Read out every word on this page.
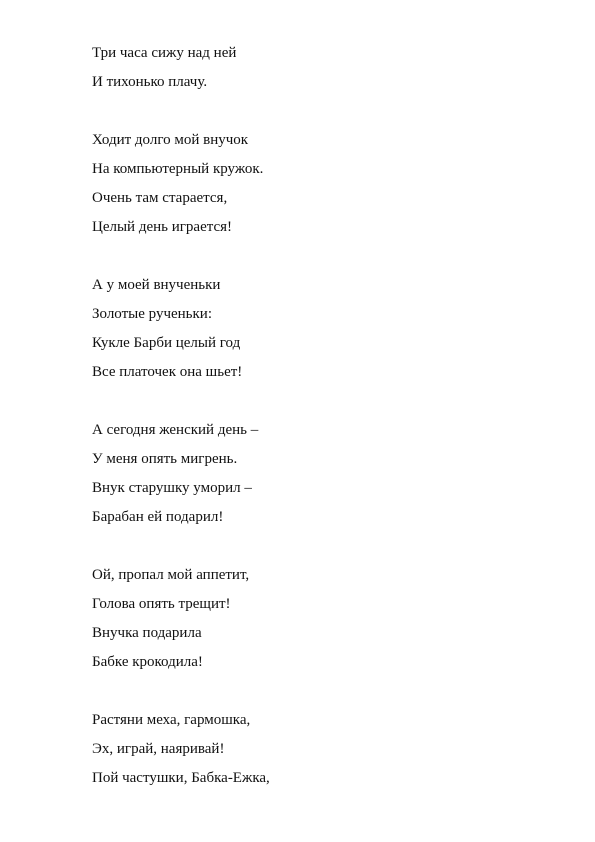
Три часа сижу над ней
И тихонько плачу.
Ходит долго мой внучок
На компьютерный кружок.
Очень там старается,
Целый день играется!
А у моей внученьки
Золотые рученьки:
Кукле Барби целый год
Все платочек она шьет!
А сегодня женский день –
У меня опять мигрень.
Внук старушку уморил –
Барабан ей подарил!
Ой, пропал мой аппетит,
Голова опять трещит!
Внучка подарила
Бабке крокодила!
Растяни меха, гармошка,
Эх, играй, наяривай!
Пой частушки, Бабка-Ежка,
